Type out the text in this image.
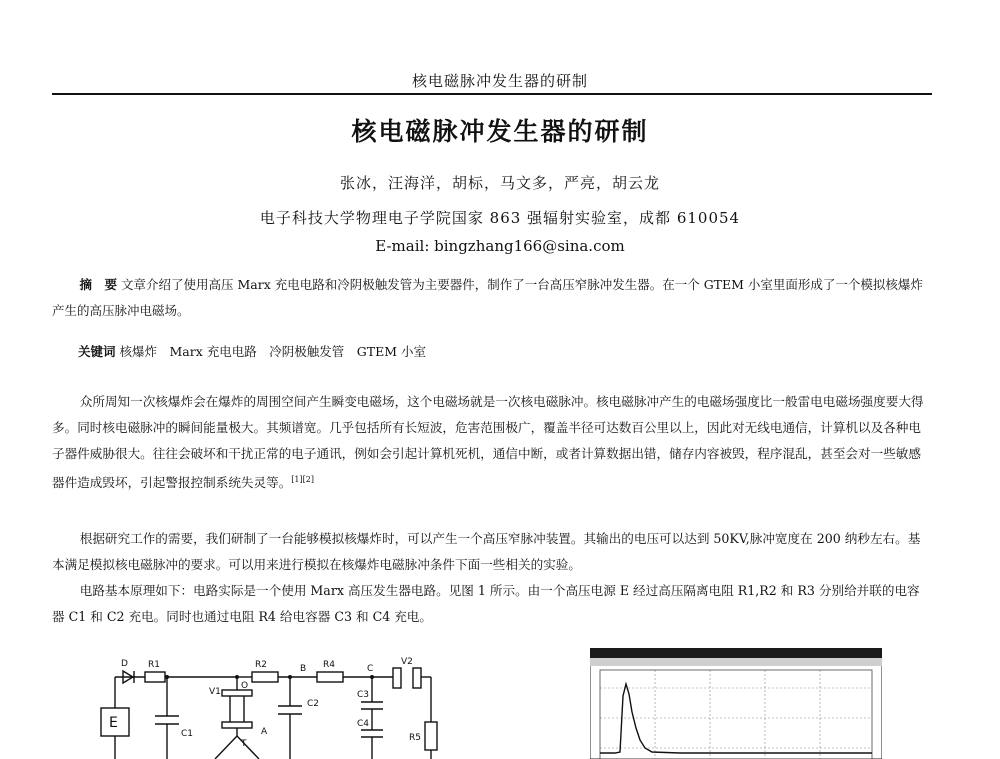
核电磁脉冲发生器的研制
核电磁脉冲发生器的研制
张冰，汪海洋，胡标，马文多，严亮，胡云龙
电子科技大学物理电子学院国家 863 强辐射实验室，成都 610054
E-mail: bingzhang166@sina.com
摘　要 文章介绍了使用高压 Marx 充电电路和冷阴极触发管为主要器件，制作了一台高压窄脉冲发生器。在一个 GTEM 小室里面形成了一个模拟核爆炸产生的高压脉冲电磁场。
关键词 核爆炸　Marx 充电电路　冷阴极触发管　GTEM 小室
众所周知一次核爆炸会在爆炸的周围空间产生瞬变电磁场，这个电磁场就是一次核电磁脉冲。核电磁脉冲产生的电磁场强度比一般雷电电磁场强度要大得多。同时核电磁脉冲的瞬间能量极大。其频谱宽。几乎包括所有长短波，危害范围极广，覆盖半径可达数百公里以上，因此对无线电通信，计算机以及各种电子器件威胁很大。往往会破坏和干扰正常的电子通讯，例如会引起计算机死机，通信中断，或者计算数据出错，储存内容被毁，程序混乱，甚至会对一些敏感器件造成毁坏，引起警报控制系统失灵等。[1][2]
根据研究工作的需要，我们研制了一台能够模拟核爆炸时，可以产生一个高压窄脉冲装置。其输出的电压可以达到 50KV,脉冲宽度在 200 纳秒左右。基本满足模拟核电磁脉冲的要求。可以用来进行模拟在核爆炸电磁脉冲条件下面一些相关的实验。
电路基本原理如下：电路实际是一个使用 Marx 高压发生器电路。见图 1 所示。由一个高压电源 E 经过高压隔离电阻 R1,R2 和 R3 分别给并联的电容器 C1 和 C2 充电。同时也通过电阻 R4 给电容器 C3 和 C4 充电。
D R1	R2	B R4	C
V2
V1
O
C2
C3
C4
E
C1
T
A
R5
